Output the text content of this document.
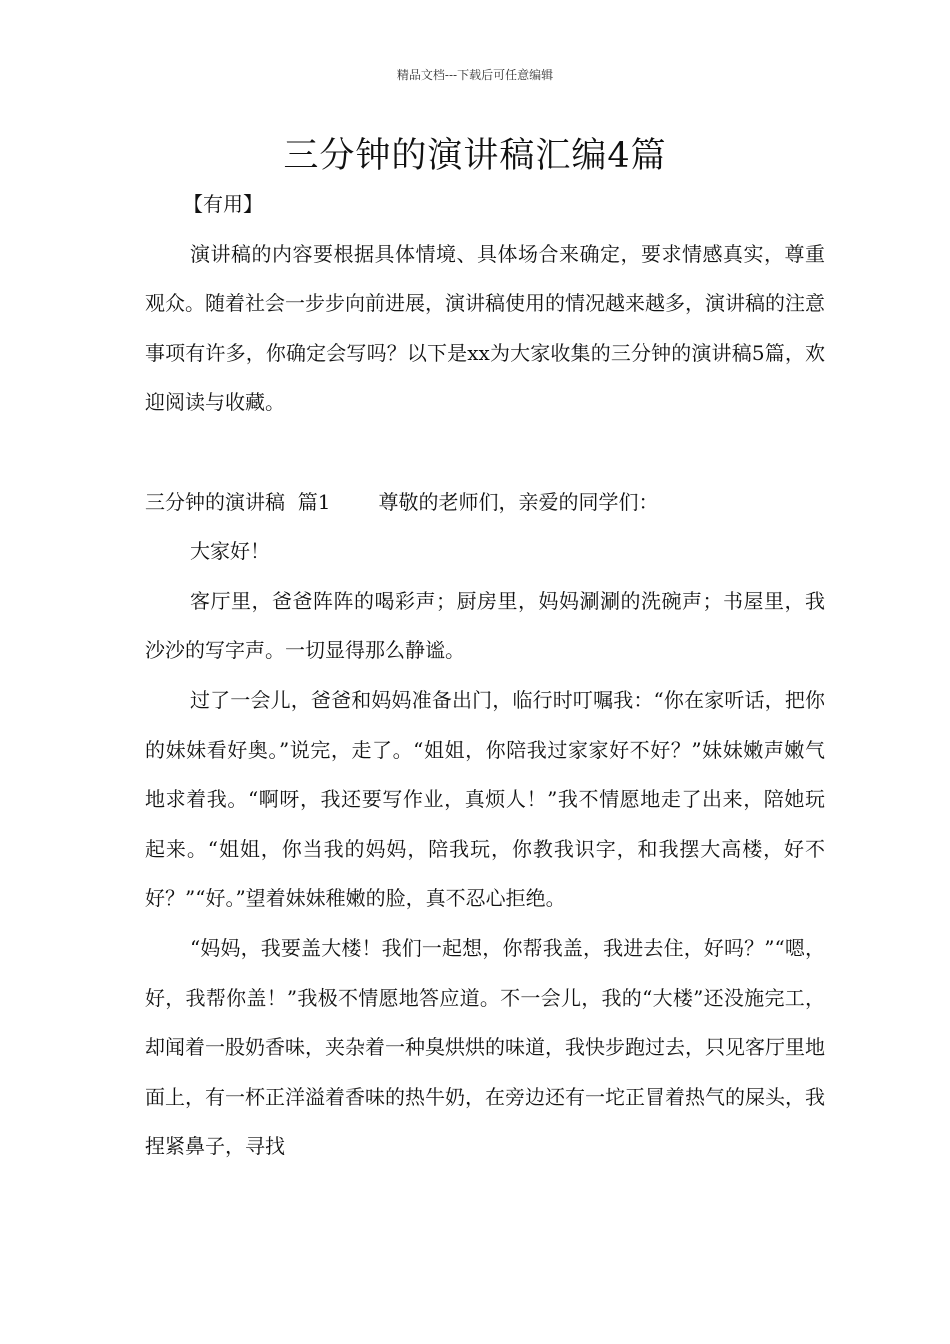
精品文档---下载后可任意编辑
三分钟的演讲稿汇编4篇

【有用】

演讲稿的内容要根据具体情境、具体场合来确定，要求情感真实，尊重观众。随着社会一步步向前进展，演讲稿使用的情况越来越多，演讲稿的注意事项有许多，你确定会写吗？以下是xx为大家收集的三分钟的演讲稿5篇，欢迎阅读与收藏。

三分钟的演讲稿  篇1 尊敬的老师们，亲爱的同学们：

大家好！

客厅里，爸爸阵阵的喝彩声；厨房里，妈妈涮涮的洗碗声；书屋里，我沙沙的写字声。一切显得那么静谧。

过了一会儿，爸爸和妈妈准备出门，临行时叮嘱我：“你在家听话，把你的妹妹看好奥。”说完，走了。“姐姐，你陪我过家家好不好？”妹妹嫩声嫩气地求着我。“啊呀，我还要写作业，真烦人！”我不情愿地走了出来，陪她玩起来。“姐姐，你当我的妈妈，陪我玩，你教我识字，和我摆大高楼，好不好？”“好。”望着妹妹稚嫩的脸，真不忍心拒绝。

“妈妈，我要盖大楼！我们一起想，你帮我盖，我进去住，好吗？”“嗯，好，我帮你盖！”我极不情愿地答应道。不一会儿，我的“大楼”还没施完工，却闻着一股奶香味，夹杂着一种臭烘烘的味道，我快步跑过去，只见客厅里地面上，有一杯正洋溢着香味的热牛奶，在旁边还有一坨正冒着热气的屎头，我捏紧鼻子，寻找
